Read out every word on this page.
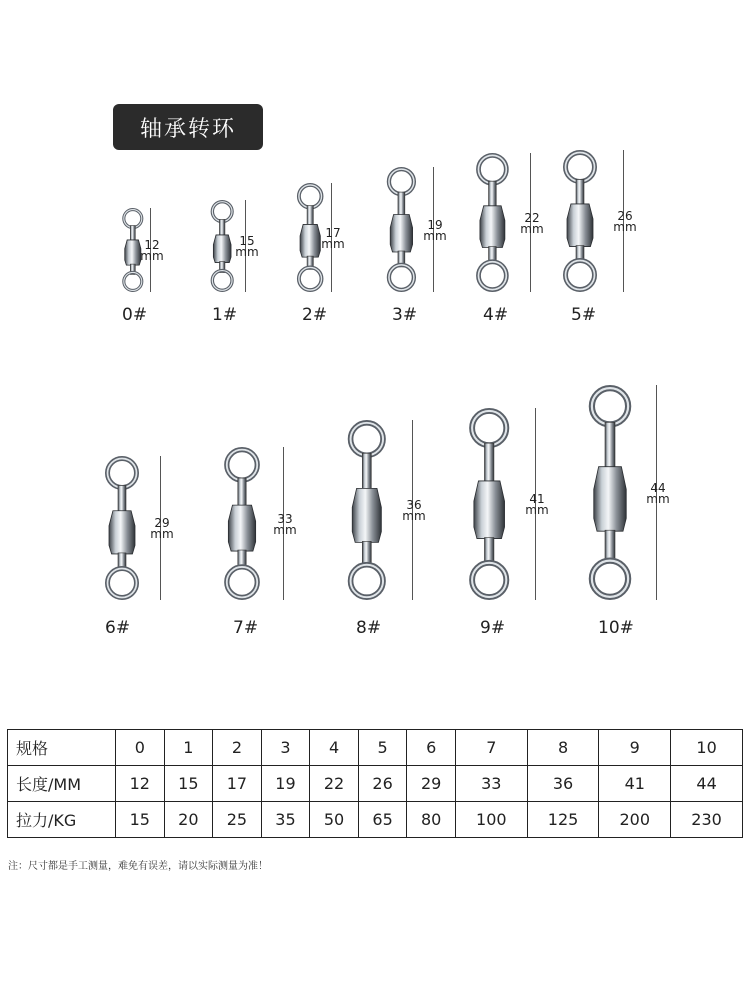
轴承转环
12
mm
0#
15
mm
1#
17
mm
2#
19
mm
3#
22
mm
4#
26
mm
5#
29
mm
6#
33
mm
7#
36
mm
8#
41
mm
9#
44
mm
10#
规格	0	1	2	3	4	5	6	7	8	9	10
长度/MM	12	15	17	19	22	26	29	33	36	41	44
拉力/KG	15	20	25	35	50	65	80	100	125	200	230
注：尺寸都是手工测量，难免有误差，请以实际测量为准！
